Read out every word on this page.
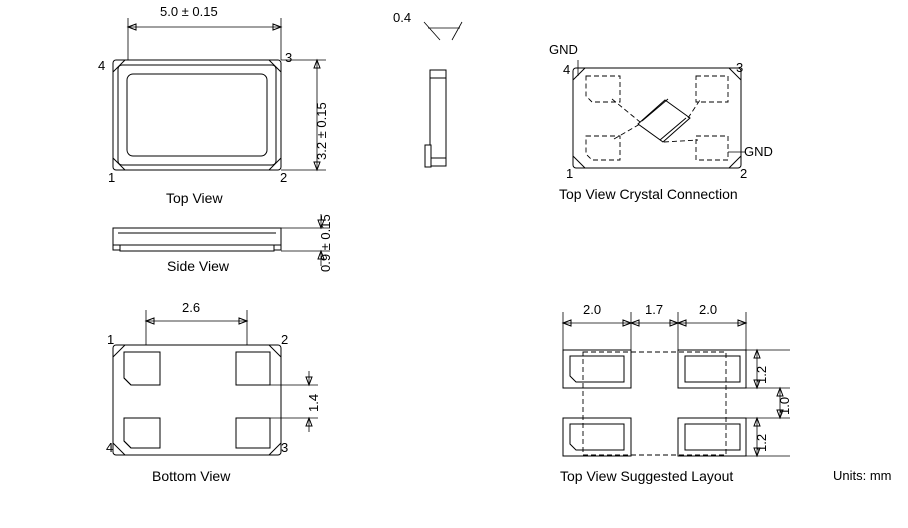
5.0 ± 0.15
3.2 ± 0.15
4
3
1	2
Top View
0.4
0.9 ± 0.15
Side View
2.6
1.4
1	2
4	3
Bottom View
GND
GND
4	3
1	2
Top View Crystal Connection
2.0	1.7	2.0
1.2
1.0
1.2
Top View Suggested Layout	Units: mm
